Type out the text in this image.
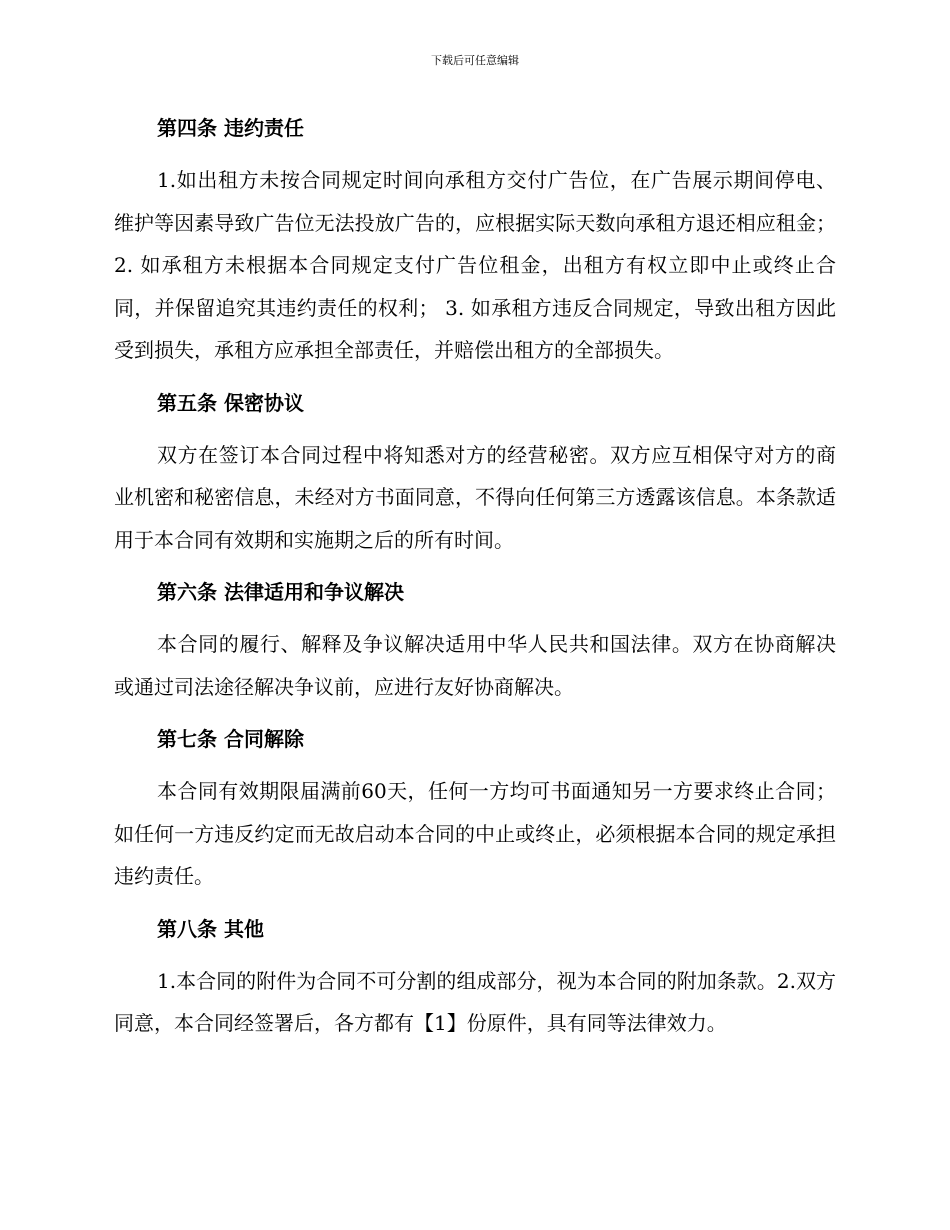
下载后可任意编辑
第四条 违约责任

1.如出租方未按合同规定时间向承租方交付广告位，在广告展示期间停电、维护等因素导致广告位无法投放广告的，应根据实际天数向承租方退还相应租金； 2. 如承租方未根据本合同规定支付广告位租金，出租方有权立即中止或终止合同，并保留追究其违约责任的权利； 3. 如承租方违反合同规定，导致出租方因此受到损失，承租方应承担全部责任，并赔偿出租方的全部损失。

第五条 保密协议

双方在签订本合同过程中将知悉对方的经营秘密。双方应互相保守对方的商业机密和秘密信息，未经对方书面同意，不得向任何第三方透露该信息。本条款适用于本合同有效期和实施期之后的所有时间。

第六条 法律适用和争议解决

本合同的履行、解释及争议解决适用中华人民共和国法律。双方在协商解决或通过司法途径解决争议前，应进行友好协商解决。

第七条 合同解除

本合同有效期限届满前60天，任何一方均可书面通知另一方要求终止合同；如任何一方违反约定而无故启动本合同的中止或终止，必须根据本合同的规定承担违约责任。

第八条 其他

1.本合同的附件为合同不可分割的组成部分，视为本合同的附加条款。2.双方同意，本合同经签署后，各方都有【1】份原件，具有同等法律效力。
